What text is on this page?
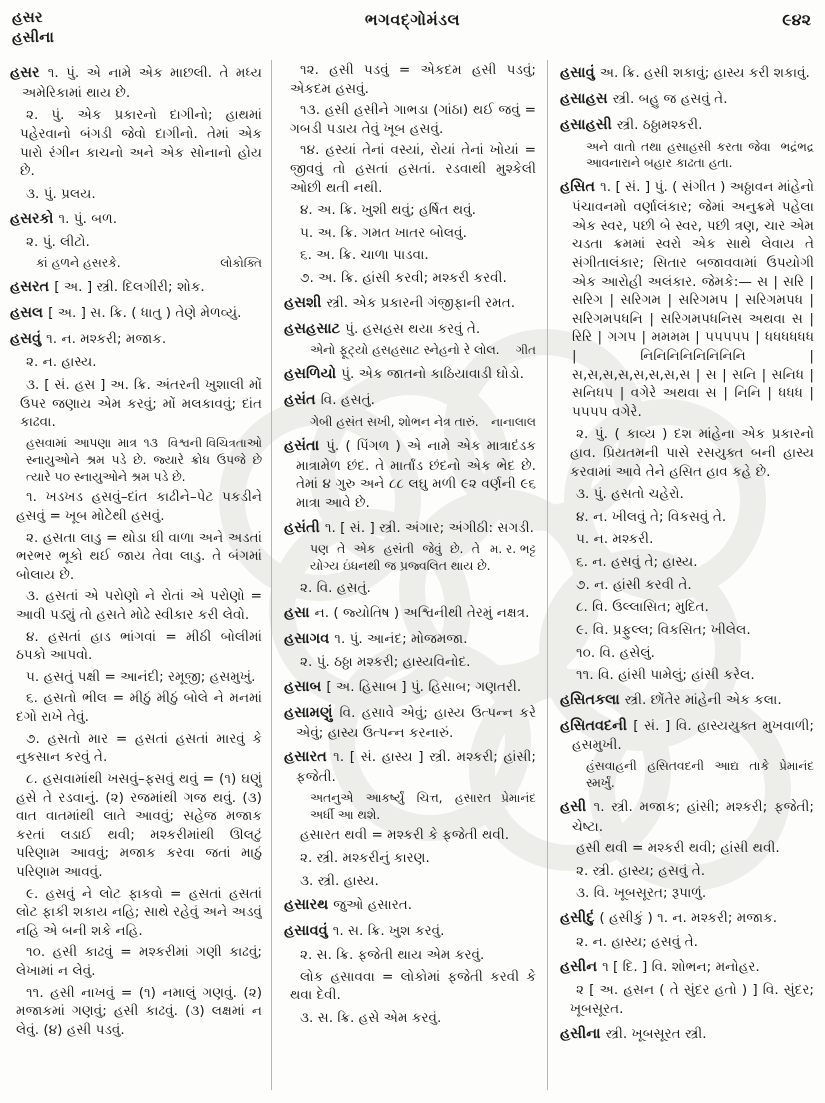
હસર
હસીના
ભગવદ્ગોમંડલ	૯૪૨

હસર ૧. પું. એ નામે એક માછલી. તે મધ્ય અમેરિકામાં થાય છે.

૨. પું. એક પ્રકારનો દાગીનો; હાથમાં પહેરવાનો બંગડી જેવો દાગીનો. તેમાં એક પારો રંગીન કાચનો અને એક સોનાનો હોય છે.

૩. પું. પ્રલય.

હસરકો ૧. પું. બળ.

૨. પું. લીટો.

લોકોક્તિ
કાં હળને હસરકે.

હસરત [ અ. ] સ્ત્રી. દિલગીરી; શોક.

હસલ [ અ. ] સ. ક્રિ. ( ધાતુ ) તેણે મેળવ્યું.

હસવું ૧. ન. મશ્કરી; મજાક.

૨. ન. હાસ્ય.

૩. [ સં. હસ ] અ. ક્રિ. અંતરની ખુશાલી મોં ઉપર જણાય એમ કરવું; મોં મલકાવવું; દાંત કાઢવા.

વિશ્વની વિચિત્રતાઓ
હસવામાં આપણા માત્ર ૧૩ સ્નાયુઓને શ્રમ પડે છે. જ્યારે ક્રોધ ઉપજે છે ત્યારે ૫૦ સ્નાયુઓને શ્રમ પડે છે.

૧. ખડખડ હસવું–દાંત કાઢીને–પેટ પકડીને હસવું = ખૂબ મોટેથી હસવું.

૨. હસતા લાડુ = થોડા ઘી વાળા અને અડતાં ભરભર ભૂકો થઈ જાય તેવા લાડુ. તે બંગમાં બોલાય છે.

૩. હસતાં એ પરોણો ને રોતાં એ પરોણો = આવી પડ્યું તો હસતે મોઢે સ્વીકાર કરી લેવો.

૪. હસતાં હાડ ભાંગવાં = મીઠી બોલીમાં ઠપકો આપવો.

૫. હસતું પક્ષી = આનંદી; રમૂજી; હસમુખું.

૬. હસતો ભીલ = મીઠું મીઠું બોલે ને મનમાં દગો રાખે તેવું.

૭. હસતો માર = હસતાં હસતાં મારવું કે નુકસાન કરવું તે.

૮. હસવામાંથી ખસવું–ફસવું થવું = (૧) ઘણું હસે તે રડવાનું. (૨) રજમાંથી ગજ થવું. (૩) વાત વાતમાંથી લાતે આવવું; સહેજ મજાક કરતાં લડાઈ થવી; મશ્કરીમાંથી ઊલટું પરિણામ આવવું; મજાક કરવા જતાં માઠું પરિણામ આવવું.

૯. હસવું ને લોટ ફાકવો = હસતાં હસતાં લોટ ફાકી શકાય નહિ; સાથે રહેવું અને અડવું નહિ એ બની શકે નહિ.

૧૦. હસી કાઢવું = મશ્કરીમાં ગણી કાઢવું; લેખામાં ન લેવું.

૧૧. હસી નાખવું = (૧) નમાલું ગણવું. (૨) મજાકમાં ગણવું; હસી કાઢવું. (૩) લક્ષમાં ન લેવું. (૪) હસી પડવું.

૧૨. હસી પડવું = એકદમ હસી પડવું; એકદમ હસવું.

૧૩. હસી હસીને ગાભડા (ગાંઠા) થઈ જવું = ગબડી પડાય તેવું ખૂબ હસવું.

૧૪. હસ્યાં તેનાં વસ્યાં, રોયાં તેનાં ખોયાં = જીવવું તો હસતાં હસતાં. રડવાથી મુશ્કેલી ઓછી થતી નથી.

૪. અ. ક્રિ. ખુશી થવું; હર્ષિત થવું.

૫. અ. ક્રિ. ગમત ખાતર બોલવું.

૬. અ. ક્રિ. ચાળા પાડવા.

૭. અ. ક્રિ. હાંસી કરવી; મશ્કરી કરવી.

હસશી સ્ત્રી. એક પ્રકારની ગંજીફાની રમત.

હસહસાટ પું. હસહસ થયા કરવું તે.

ગીત
એનો ફૂટ્યો હસહસાટ સ્નેહનો રે લોલ.

હસળિયો પું. એક જાતનો કાઠિયાવાડી ઘોડો.

હસંત વિ. હસતું.

નાનાલાલ
ગેબી હસંત સખી, શોભન નેત્ર તારું.

હસંતા પું. ( પિંગળ ) એ નામે એક માત્રાદંડક માત્રામેળ છંદ. તે માર્તાંડ છંદનો એક ભેદ છે. તેમાં ૪ ગુરુ અને ૮૮ લઘુ મળી ૯૨ વર્ણની ૯૬ માત્રા આવે છે.

હસંતી ૧. [ સં. ] સ્ત્રી. અંગાર; અંગીઠી: સગડી.

મ. ર. ભટ્ટ
પણ તે એક હસંતી જેવું છે. તે યોગ્ય ઇંધનથી જ પ્રજ્વલિત થાય છે.

૨. વિ. હસતું.

હસા ન. ( જ્યોતિષ ) અશ્વિનીથી તેરમું નક્ષત્ર.

હસાગવ ૧. પું. આનંદ; મોજમજા.

૨. પું. ઠઠ્ઠા મશ્કરી; હાસ્યવિનોદ.

હસાબ [ અ. હિસાબ ] પું. હિસાબ; ગણતરી.

હસામણું વિ. હસાવે એવું; હાસ્ય ઉત્પન્ન કરે એવું; હાસ્ય ઉત્પન્ન કરનારું.

હસારત ૧. [ સં. હાસ્ય ] સ્ત્રી. મશ્કરી; હાંસી; ફજેતી.

પ્રેમાનંદ
અતનુએ આકર્ષ્યું ચિત્ત, હસારત અર્ધી આ થશે.

હસારત થવી = મશ્કરી કે ફજેતી થવી.

૨. સ્ત્રી. મશ્કરીનું કારણ.

૩. સ્ત્રી. હાસ્ય.

હસારથ જુઓ હસારત.

હસાવવું ૧. સ. ક્રિ. ખુશ કરવું.

૨. સ. ક્રિ. ફજેતી થાય એમ કરવું.

લોક હસાવવા = લોકોમાં ફજેતી કરવી કે થવા દેવી.

૩. સ. ક્રિ. હસે એમ કરવું.

હસાવું અ. ક્રિ. હસી શકાવું; હાસ્ય કરી શકાવું.

હસાહસ સ્ત્રી. બહુ જ હસવું તે.

હસાહસી સ્ત્રી. ઠઠ્ઠામશ્કરી.

ભદ્રંભદ્ર
અને વાતો તથા હસાહસી કરતા જેવા આવનારાને બહાર કાઢતા હતા.

હસિત ૧. [ સં. ] પું. ( સંગીત ) અઠ્ઠાવન માંહેનો પંચાવનમો વર્ણાલંકાર; જેમાં અનુક્રમે પહેલા એક સ્વર, પછી બે સ્વર, પછી ત્રણ, ચાર એમ ચડતા ક્રમમાં સ્વરો એક સાથે લેવાય તે સંગીતાલંકાર; સિતાર બજાવવામાં ઉપયોગી એક આરોહી અલંકાર. જેમકે:— સ | સરિ | સરિગ | સરિગમ | સરિગમપ | સરિગમપધ | સરિગમપધનિ | સરિગમપધનિસ અથવા સ | રિરિ | ગગપ | મમમમ | ૫૫૫૫૫ | ધધધધધધ | નિનિનિનિનિનિનિનિ | સ,સ,સ,સ,સ,સ,સ,સ | સ | સનિ | સનિધ | સનિધપ | વગેરે અથવા સ | નિનિ | ધધધ | ૫૫૫૫ વગેરે.

૨. પું. ( કાવ્ય ) દશ માંહેના એક પ્રકારનો હાવ. પ્રિયતમની પાસે રસયુક્ત બની હાસ્ય કરવામાં આવે તેને હસિત હાવ કહે છે.

૩. પું. હસતો ચહેરો.

૪. ન. ખીલવું તે; વિકસવું તે.

૫. ન. મશ્કરી.

૬. ન. હસવું તે; હાસ્ય.

૭. ન. હાંસી કરવી તે.

૮. વિ. ઉલ્લાસિત; મુદિત.

૯. વિ. પ્રફુલ્લ; વિકસિત; ખીલેલ.

૧૦. વિ. હસેલું.

૧૧. વિ. હાંસી પામેલું; હાંસી કરેલ.

હસિતકલા સ્ત્રી. છોંતેર માંહેની એક કલા.

હસિતવદની [ સં. ] વિ. હાસ્યયુક્ત મુખવાળી; હસમુખી.

પ્રેમાનંદ
હંસવાહની હસિતવદની આદ્ય તાકે સ્મર્ખું.

હસી ૧. સ્ત્રી. મજાક; હાંસી; મશ્કરી; ફજેતી; ચેષ્ટા.

હસી થવી = મશ્કરી થવી; હાંસી થવી.

૨. સ્ત્રી. હાસ્ય; હસવું તે.

૩. વિ. ખૂબસૂરત; રૂપાળું.

હસીદું ( હસીકું ) ૧. ન. મશ્કરી; મજાક.

૨. ન. હાસ્ય; હસવું તે.

હસીન ૧ [ દિ. ] વિ. શોભન; મનોહર.

૨ [ અ. હસન ( તે સુંદર હતો ) ] વિ. સુંદર; ખૂબસૂરત.

હસીના સ્ત્રી. ખૂબસૂરત સ્ત્રી.
